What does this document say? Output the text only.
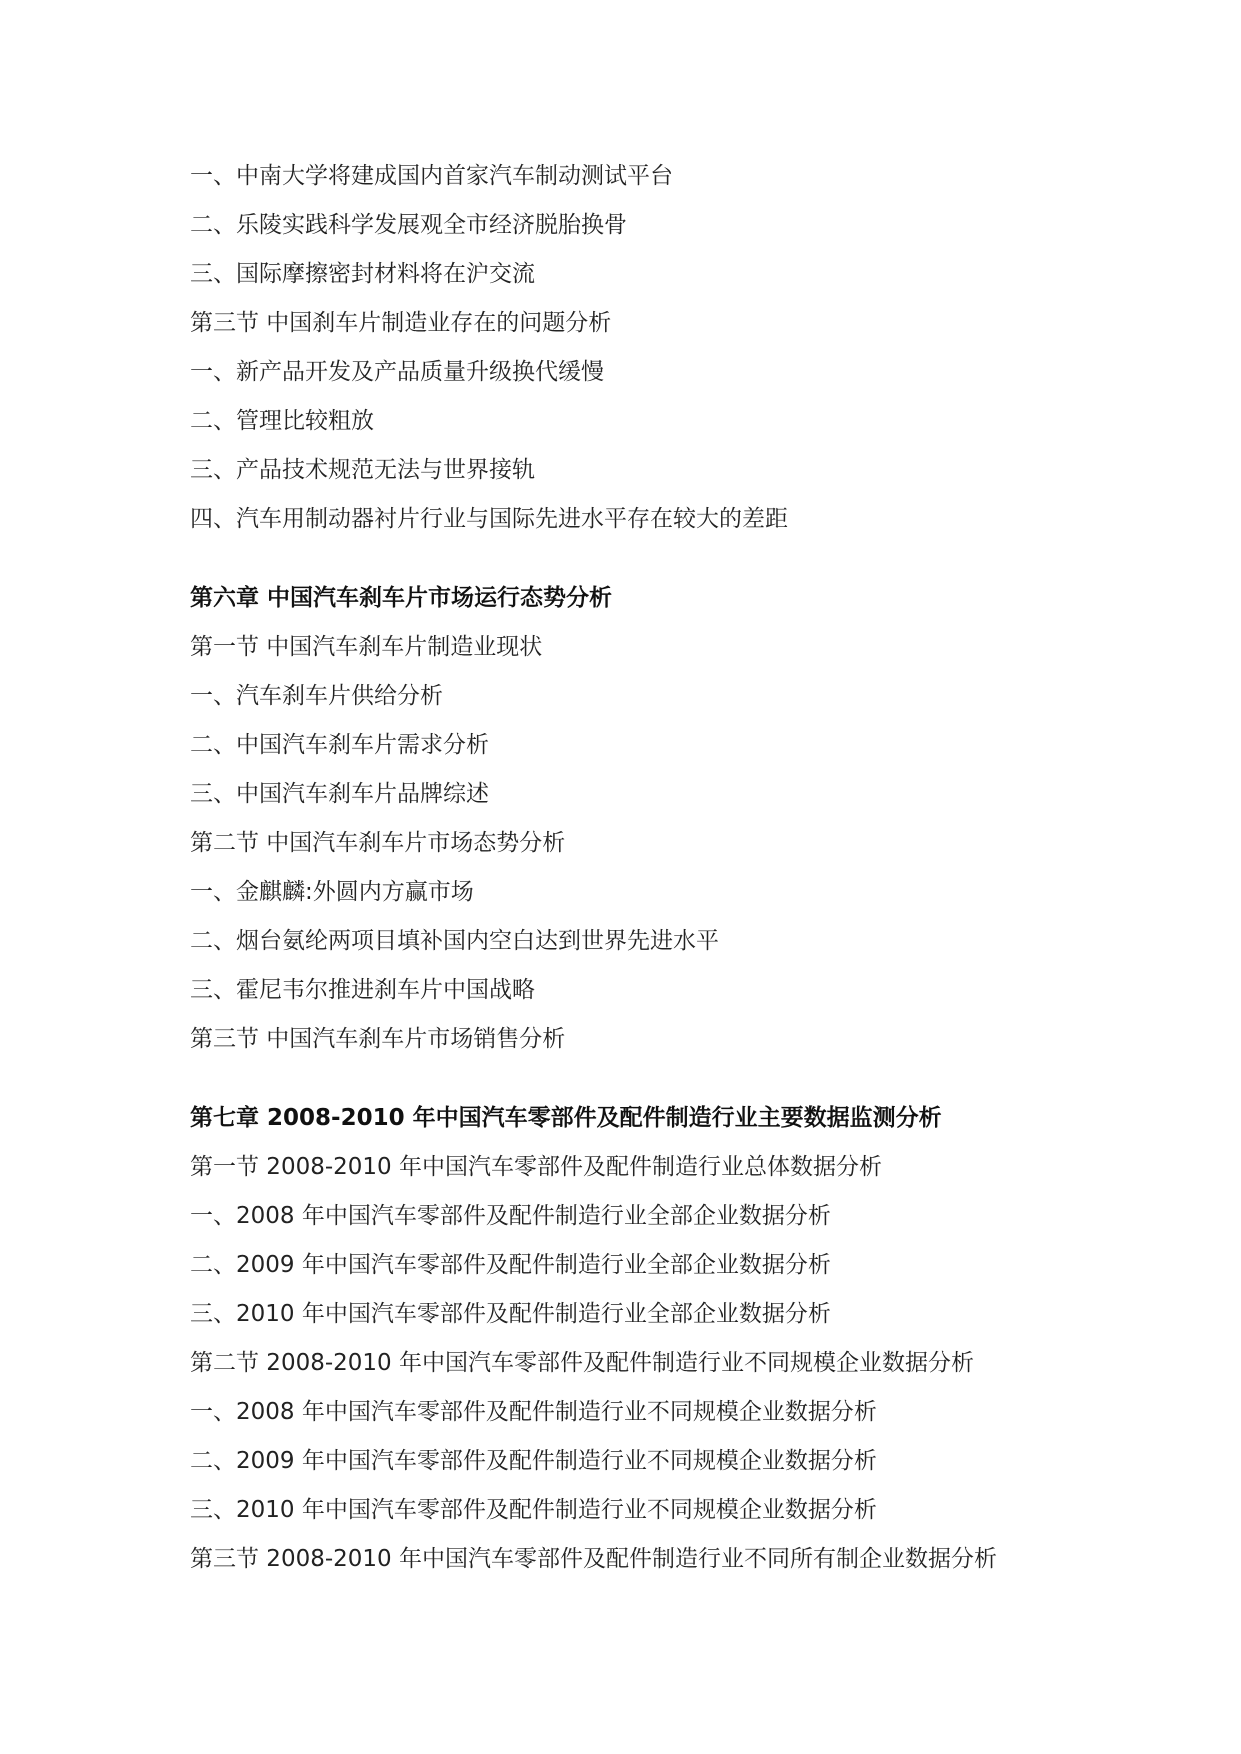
一、中南大学将建成国内首家汽车制动测试平台
二、乐陵实践科学发展观全市经济脱胎换骨
三、国际摩擦密封材料将在沪交流
第三节 中国刹车片制造业存在的问题分析
一、新产品开发及产品质量升级换代缓慢
二、管理比较粗放
三、产品技术规范无法与世界接轨
四、汽车用制动器衬片行业与国际先进水平存在较大的差距
第六章 中国汽车刹车片市场运行态势分析
第一节 中国汽车刹车片制造业现状
一、汽车刹车片供给分析
二、中国汽车刹车片需求分析
三、中国汽车刹车片品牌综述
第二节 中国汽车刹车片市场态势分析
一、金麒麟:外圆内方赢市场
二、烟台氨纶两项目填补国内空白达到世界先进水平
三、霍尼韦尔推进刹车片中国战略
第三节 中国汽车刹车片市场销售分析
第七章 2008-2010 年中国汽车零部件及配件制造行业主要数据监测分析
第一节 2008-2010 年中国汽车零部件及配件制造行业总体数据分析
一、2008 年中国汽车零部件及配件制造行业全部企业数据分析
二、2009 年中国汽车零部件及配件制造行业全部企业数据分析
三、2010 年中国汽车零部件及配件制造行业全部企业数据分析
第二节 2008-2010 年中国汽车零部件及配件制造行业不同规模企业数据分析
一、2008 年中国汽车零部件及配件制造行业不同规模企业数据分析
二、2009 年中国汽车零部件及配件制造行业不同规模企业数据分析
三、2010 年中国汽车零部件及配件制造行业不同规模企业数据分析
第三节 2008-2010 年中国汽车零部件及配件制造行业不同所有制企业数据分析
